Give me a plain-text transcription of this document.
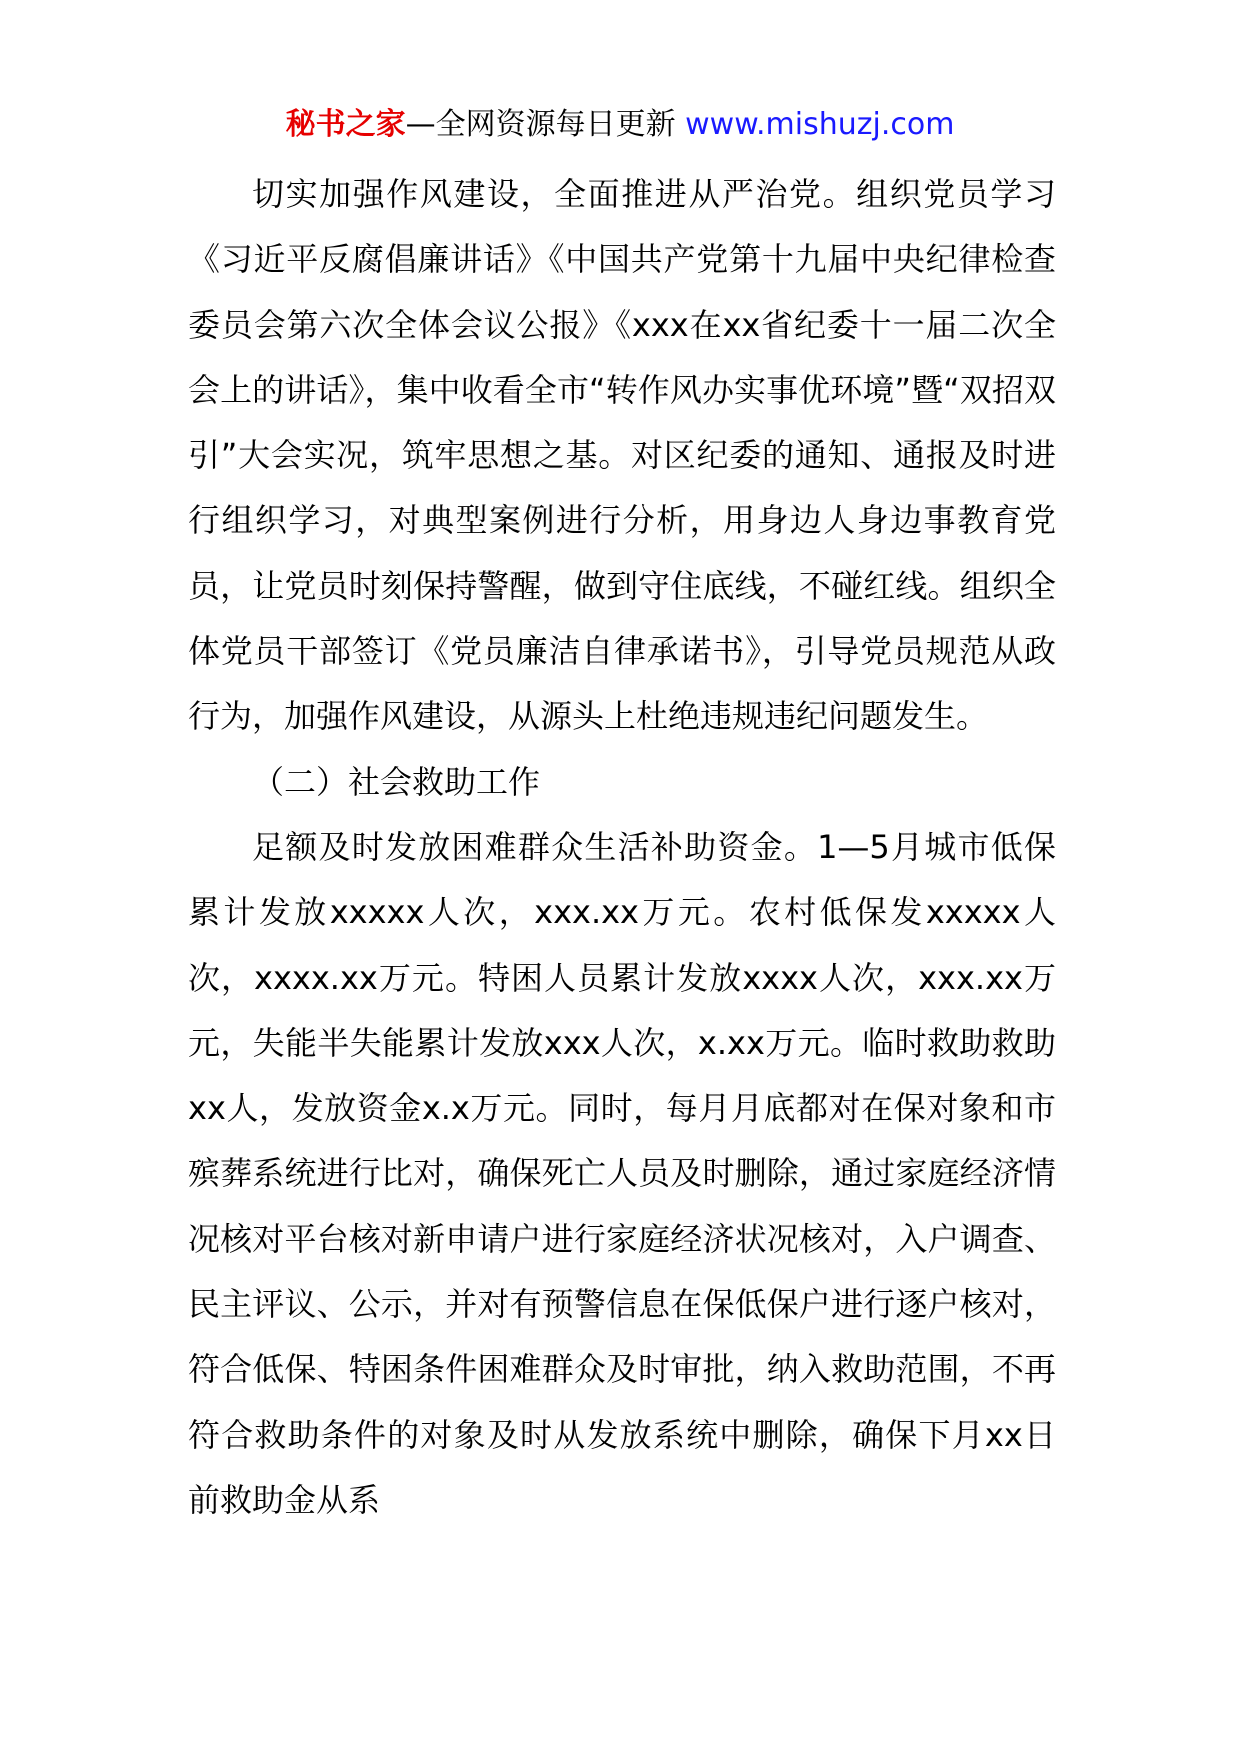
秘书之家—全网资源每日更新 www.mishuzj.com

切实加强作风建设，全面推进从严治党。组织党员学习《习近平反腐倡廉讲话》《中国共产党第十九届中央纪律检查委员会第六次全体会议公报》《xxx在xx省纪委十一届二次全会上的讲话》，集中收看全市“转作风办实事优环境”暨“双招双引”大会实况，筑牢思想之基。对区纪委的通知、通报及时进行组织学习，对典型案例进行分析，用身边人身边事教育党员，让党员时刻保持警醒，做到守住底线，不碰红线。组织全体党员干部签订《党员廉洁自律承诺书》，引导党员规范从政行为，加强作风建设，从源头上杜绝违规违纪问题发生。

（二）社会救助工作

足额及时发放困难群众生活补助资金。1—5月城市低保累计发放xxxxx人次，xxx.xx万元。农村低保发xxxxx人次，xxxx.xx万元。特困人员累计发放xxxx人次，xxx.xx万元，失能半失能累计发放xxx人次，x.xx万元。临时救助救助xx人，发放资金x.x万元。同时，每月月底都对在保对象和市殡葬系统进行比对，确保死亡人员及时删除，通过家庭经济情况核对平台核对新申请户进行家庭经济状况核对，入户调查、民主评议、公示，并对有预警信息在保低保户进行逐户核对，符合低保、特困条件困难群众及时审批，纳入救助范围，不再符合救助条件的对象及时从发放系统中删除，确保下月xx日前救助金从系
